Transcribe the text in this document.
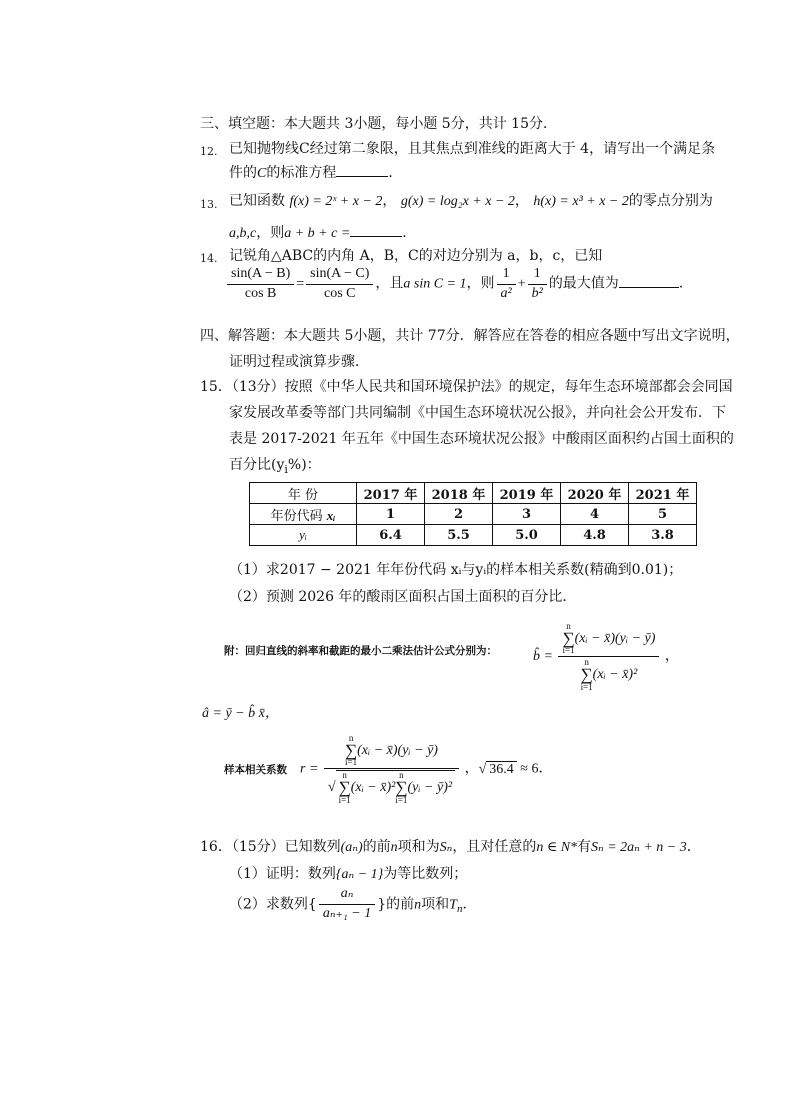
三、填空题：本大题共 3小题，每小题 5分，共计 15分．
12. 已知抛物线C经过第二象限，且其焦点到准线的距离大于 4，请写出一个满足条
件的C的标准方程	．
13. 已知函数 f(x) = 2ˣ + x − 2， g(x) = log₂x + x − 2， h(x) = x³ + x − 2的零点分别为
a,b,c，则a + b + c =	．
14. 记锐角△ABC的内角 A，B，C的对边分别为 a，b，c，已知
$\frac{\sin(A - B)}{\text{cos B}} = \frac{\sin(A - C)}{\text{cos C}}$ ，且a sin C = 1，则 $\frac{1}{\text{a²}} + \frac{1}{\text{b²}}$ 的最大值为	．
四、解答题：本大题共 5小题，共计 77分．解答应在答卷的相应各题中写出文字说明，
证明过程或演算步骤．
15．（13分）按照《中华人民共和国环境保护法》的规定，每年生态环境部都会会同国
家发展改革委等部门共同编制《中国生态环境状况公报》，并向社会公开发布．下
表是 2017-2021 年五年《中国生态环境状况公报》中酸雨区面积约占国土面积的
百分比$(y_i\%)$：
年 份	2017 年	2018 年	2019 年	2020 年	2021 年
年份代码 xᵢ	1	2	3	4	5
yᵢ	6.4	5.5	5.0	4.8	3.8
（1）求2017 − 2021 年年份代码 xᵢ与yᵢ的样本相关系数(精确到0.01)；
（2）预测 2026 年的酸雨区面积占国土面积的百分比．
附：回归直线的斜率和截距的最小二乘法估计公式分别为：	b̂ = n
∑
i=1(xᵢ − x̄)(yᵢ − ȳ)
n
∑
i=1(xᵢ − x̄)² ，
â = ȳ − b̂ x̄，
样本相关系数 r = n
∑
i=1(xᵢ − x̄)(yᵢ − ȳ)
√n
∑
i=1(xᵢ − x̄)²n
∑
i=1(yᵢ − ȳ)² ，√ 36.4 ≈ 6．
16．（15分）已知数列(aₙ)的前n项和为Sₙ，且对任意的n ∈ N*有Sₙ = 2aₙ + n − 3．
（1）证明：数列{aₙ − 1}为等比数列；
（2）求数列{ $\frac{\text{aₙ}}{\text{aₙ₊₁ − 1}}$ }的前n项和$T_n$．
